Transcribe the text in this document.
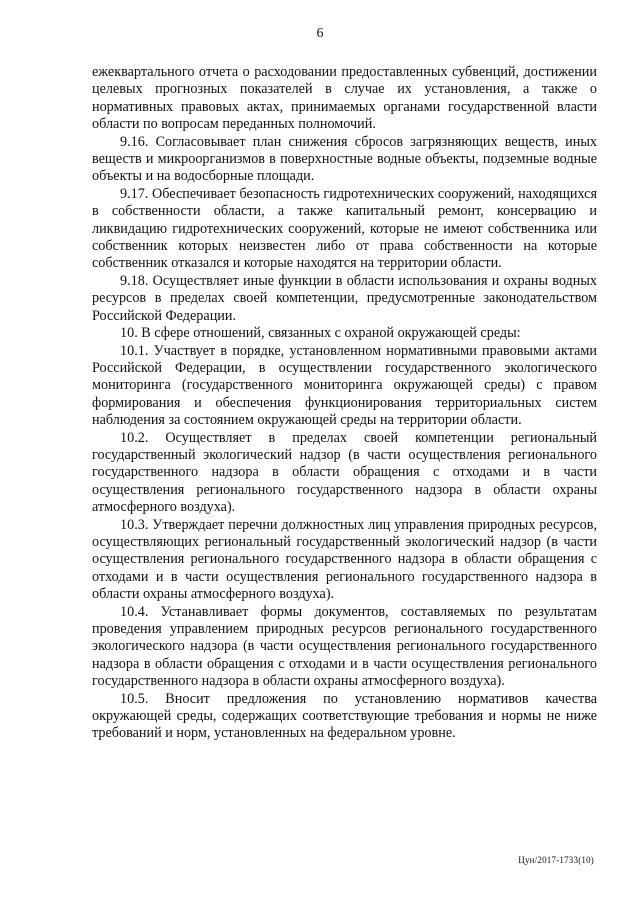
6

ежеквартального отчета о расходовании предоставленных субвенций, достижении целевых прогнозных показателей в случае их установления, а также о нормативных правовых актах, принимаемых органами государственной власти области по вопросам переданных полномочий.

9.16. Согласовывает план снижения сбросов загрязняющих веществ, иных веществ и микроорганизмов в поверхностные водные объекты, подземные водные объекты и на водосборные площади.

9.17. Обеспечивает безопасность гидротехнических сооружений, находящихся в собственности области, а также капитальный ремонт, консервацию и ликвидацию гидротехнических сооружений, которые не имеют собственника или собственник которых неизвестен либо от права собственности на которые собственник отказался и которые находятся на территории области.

9.18. Осуществляет иные функции в области использования и охраны водных ресурсов в пределах своей компетенции, предусмотренные законодательством Российской Федерации.

10. В сфере отношений, связанных с охраной окружающей среды:

10.1. Участвует в порядке, установленном нормативными правовыми актами Российской Федерации, в осуществлении государственного экологического мониторинга (государственного мониторинга окружающей среды) с правом формирования и обеспечения функционирования территориальных систем наблюдения за состоянием окружающей среды на территории области.

10.2. Осуществляет в пределах своей компетенции региональный государственный экологический надзор (в части осуществления регионального государственного надзора в области обращения с отходами и в части осуществления регионального государственного надзора в области охраны атмосферного воздуха).

10.3. Утверждает перечни должностных лиц управления природных ресурсов, осуществляющих региональный государственный экологический надзор (в части осуществления регионального государственного надзора в области обращения с отходами и в части осуществления регионального государственного надзора в области охраны атмосферного воздуха).

10.4. Устанавливает формы документов, составляемых по результатам проведения управлением природных ресурсов регионального государственного экологического надзора (в части осуществления регионального государственного надзора в области обращения с отходами и в части осуществления регионального государственного надзора в области охраны атмосферного воздуха).

10.5. Вносит предложения по установлению нормативов качества окружающей среды, содержащих соответствующие требования и нормы не ниже требований и норм, установленных на федеральном уровне.

Цун/2017-1733(10)
